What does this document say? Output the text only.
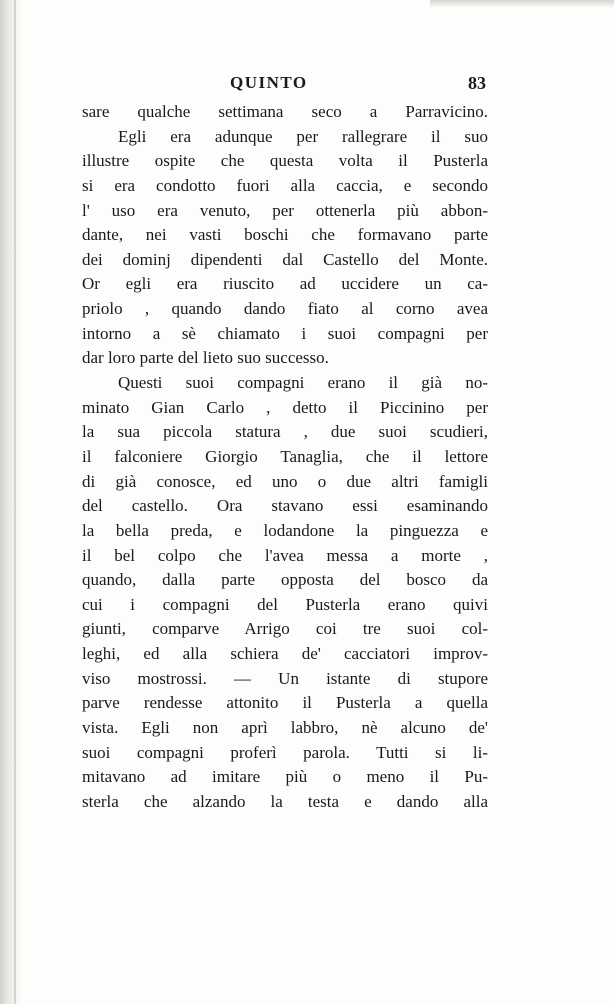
QUINTO	83
sare qualche settimana seco a Parravicino.
Egli era adunque per rallegrare il suo
illustre ospite che questa volta il Pusterla
si era condotto fuori alla caccia, e secondo
l' uso era venuto, per ottenerla più abbon-
dante, nei vasti boschi che formavano parte
dei dominj dipendenti dal Castello del Monte.
Or egli era riuscito ad uccidere un ca-
priolo , quando dando fiato al corno avea
intorno a sè chiamato i suoi compagni per
dar loro parte del lieto suo successo.
Questi suoi compagni erano il già no-
minato Gian Carlo , detto il Piccinino per
la sua piccola statura , due suoi scudieri,
il falconiere Giorgio Tanaglia, che il lettore
di già conosce, ed uno o due altri famigli
del castello. Ora stavano essi esaminando
la bella preda, e lodandone la pinguezza e
il bel colpo che l'avea messa a morte ,
quando, dalla parte opposta del bosco da
cui i compagni del Pusterla erano quivi
giunti, comparve Arrigo coi tre suoi col-
leghi, ed alla schiera de' cacciatori improv-
viso mostrossi. — Un istante di stupore
parve rendesse attonito il Pusterla a quella
vista. Egli non aprì labbro, nè alcuno de'
suoi compagni proferì parola. Tutti si li-
mitavano ad imitare più o meno il Pu-
sterla che alzando la testa e dando alla
